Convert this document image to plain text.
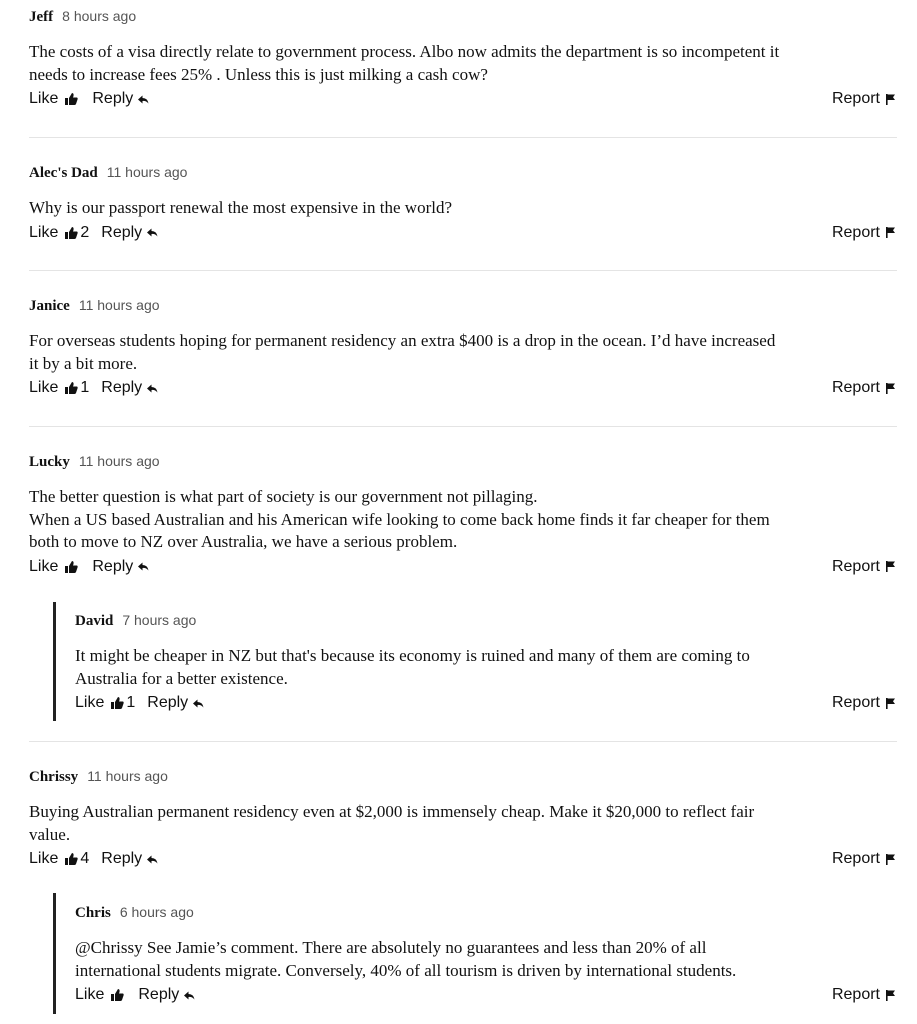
Jeff 8 hours ago
The costs of a visa directly relate to government process. Albo now admits the department is so incompetent it
needs to increase fees 25% . Unless this is just milking a cash cow?
Like Reply	Report
Alec's Dad 11 hours ago
Why is our passport renewal the most expensive in the world?
Like 2 Reply	Report
Janice 11 hours ago
For overseas students hoping for permanent residency an extra $400 is a drop in the ocean. I’d have increased
it by a bit more.
Like 1 Reply	Report
Lucky 11 hours ago
The better question is what part of society is our government not pillaging.
When a US based Australian and his American wife looking to come back home finds it far cheaper for them
both to move to NZ over Australia, we have a serious problem.
Like Reply	Report
David 7 hours ago
It might be cheaper in NZ but that's because its economy is ruined and many of them are coming to
Australia for a better existence.
Like 1 Reply	Report
Chrissy 11 hours ago
Buying Australian permanent residency even at $2,000 is immensely cheap. Make it $20,000 to reflect fair
value.
Like 4 Reply	Report
Chris 6 hours ago
@Chrissy See Jamie’s comment. There are absolutely no guarantees and less than 20% of all
international students migrate. Conversely, 40% of all tourism is driven by international students.
Like Reply	Report
